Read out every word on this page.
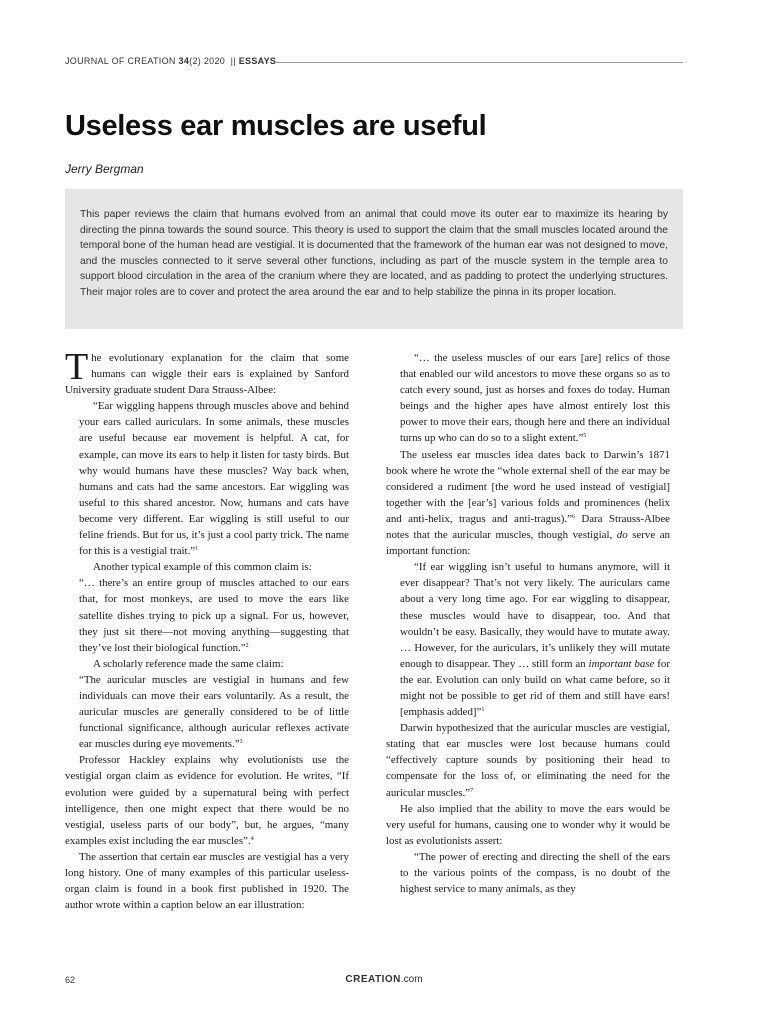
JOURNAL OF CREATION 34(2) 2020  || ESSAYS
Useless ear muscles are useful
Jerry Bergman
This paper reviews the claim that humans evolved from an animal that could move its outer ear to maximize its hearing by directing the pinna towards the sound source. This theory is used to support the claim that the small muscles located around the temporal bone of the human head are vestigial. It is documented that the framework of the human ear was not designed to move, and the muscles connected to it serve several other functions, including as part of the muscle system in the temple area to support blood circulation in the area of the cranium where they are located, and as padding to protect the underlying structures. Their major roles are to cover and protect the area around the ear and to help stabilize the pinna in its proper location.

The evolutionary explanation for the claim that some humans can wiggle their ears is explained by Sanford University graduate student Dara Strauss-Albee:

“Ear wiggling happens through muscles above and behind your ears called auriculars. In some animals, these muscles are useful because ear movement is helpful. A cat, for example, can move its ears to help it listen for tasty birds. But why would humans have these muscles? Way back when, humans and cats had the same ancestors. Ear wiggling was useful to this shared ancestor. Now, humans and cats have become very different. Ear wiggling is still useful to our feline friends. But for us, it’s just a cool party trick. The name for this is a vestigial trait.”$^1$

Another typical example of this common claim is:

“… there’s an entire group of muscles attached to our ears that, for most monkeys, are used to move the ears like satellite dishes trying to pick up a signal. For us, however, they just sit there—not moving anything—suggesting that they’ve lost their biological function.”$^2$

A scholarly reference made the same claim:

“The auricular muscles are vestigial in humans and few individuals can move their ears voluntarily. As a result, the auricular muscles are generally considered to be of little functional significance, although auricular reflexes activate ear muscles during eye movements.”$^3$

Professor Hackley explains why evolutionists use the vestigial organ claim as evidence for evolution. He writes, “If evolution were guided by a supernatural being with perfect intelligence, then one might expect that there would be no vestigial, useless parts of our body”, but, he argues, “many examples exist including the ear muscles”.$^4$

The assertion that certain ear muscles are vestigial has a very long history. One of many examples of this particular useless-organ claim is found in a book first published in 1920. The author wrote within a caption below an ear illustration:

“… the useless muscles of our ears [are] relics of those that enabled our wild ancestors to move these organs so as to catch every sound, just as horses and foxes do today. Human beings and the higher apes have almost entirely lost this power to move their ears, though here and there an individual turns up who can do so to a slight extent.”$^5$

The useless ear muscles idea dates back to Darwin’s 1871 book where he wrote the “whole external shell of the ear may be considered a rudiment [the word he used instead of vestigial] together with the [ear’s] various folds and prominences (helix and anti-helix, tragus and anti-tragus).”$^6$ Dara Strauss-Albee notes that the auricular muscles, though vestigial, do serve an important function:

“If ear wiggling isn’t useful to humans anymore, will it ever disappear? That’s not very likely. The auriculars came about a very long time ago. For ear wiggling to disappear, these muscles would have to disappear, too. And that wouldn’t be easy. Basically, they would have to mutate away. … However, for the auriculars, it’s unlikely they will mutate enough to disappear. They … still form an important base for the ear. Evolution can only build on what came before, so it might not be possible to get rid of them and still have ears! [emphasis added]”$^1$

Darwin hypothesized that the auricular muscles are vestigial, stating that ear muscles were lost because humans could “effectively capture sounds by positioning their head to compensate for the loss of, or eliminating the need for the auricular muscles.”$^7$

He also implied that the ability to move the ears would be very useful for humans, causing one to wonder why it would be lost as evolutionists assert:

“The power of erecting and directing the shell of the ears to the various points of the compass, is no doubt of the highest service to many animals, as they

62	CREATION.com
